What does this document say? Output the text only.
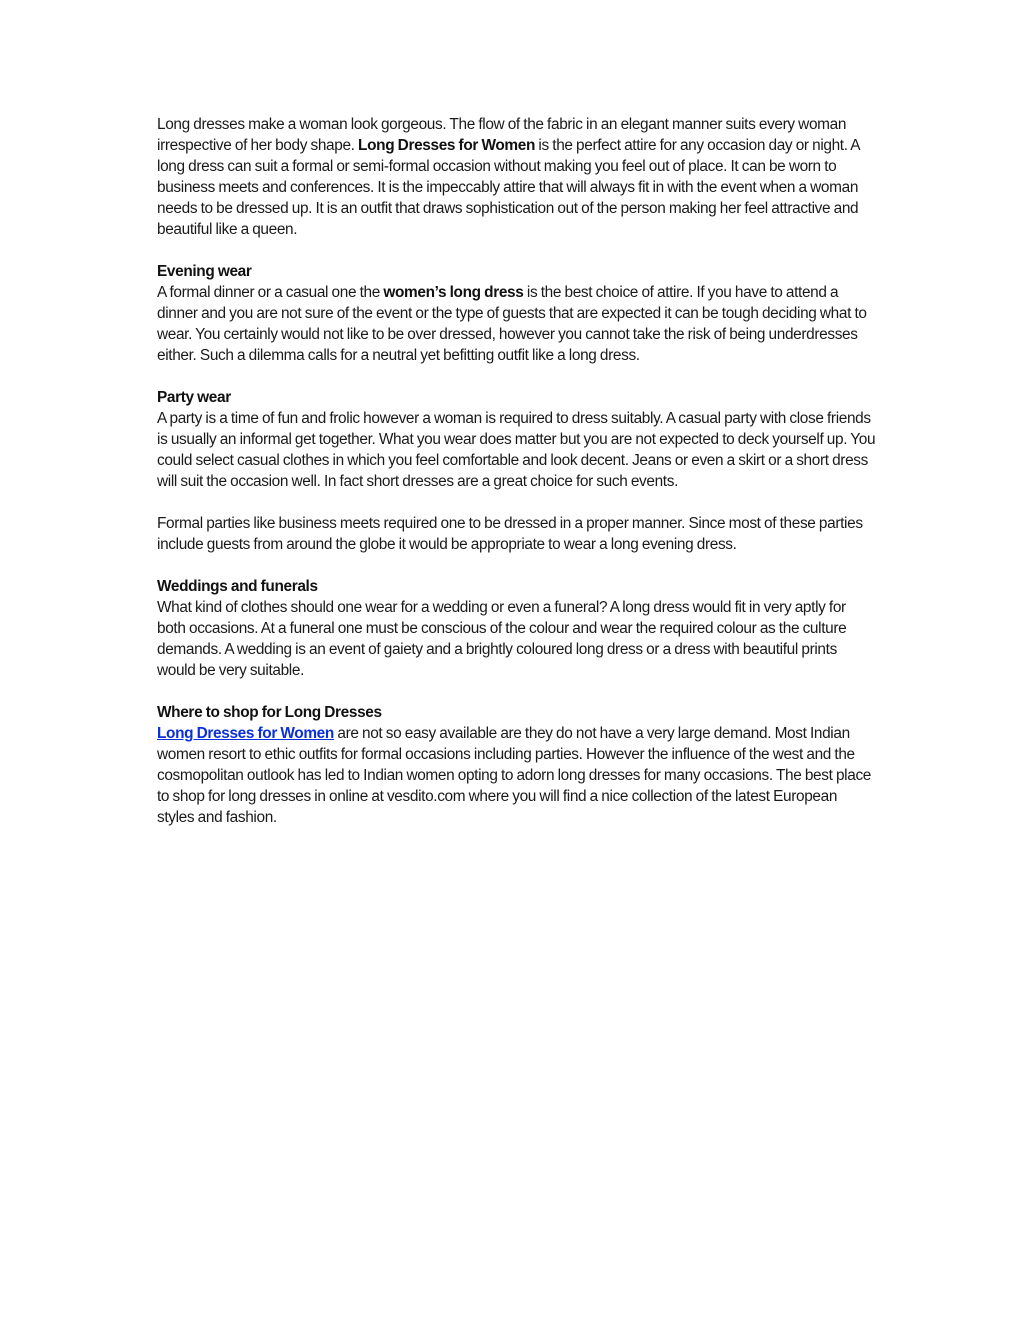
Long dresses make a woman look gorgeous. The flow of the fabric in an elegant manner suits every woman irrespective of her body shape. Long Dresses for Women is the perfect attire for any occasion day or night. A long dress can suit a formal or semi-formal occasion without making you feel out of place. It can be worn to business meets and conferences. It is the impeccably attire that will always fit in with the event when a woman needs to be dressed up. It is an outfit that draws sophistication out of the person making her feel attractive and beautiful like a queen.

Evening wear
A formal dinner or a casual one the women’s long dress is the best choice of attire. If you have to attend a dinner and you are not sure of the event or the type of guests that are expected it can be tough deciding what to wear. You certainly would not like to be over dressed, however you cannot take the risk of being underdresses either. Such a dilemma calls for a neutral yet befitting outfit like a long dress.
Party wear
A party is a time of fun and frolic however a woman is required to dress suitably. A casual party with close friends is usually an informal get together. What you wear does matter but you are not expected to deck yourself up. You could select casual clothes in which you feel comfortable and look decent. Jeans or even a skirt or a short dress will suit the occasion well. In fact short dresses are a great choice for such events.

Formal parties like business meets required one to be dressed in a proper manner. Since most of these parties include guests from around the globe it would be appropriate to wear a long evening dress.

Weddings and funerals
What kind of clothes should one wear for a wedding or even a funeral? A long dress would fit in very aptly for both occasions. At a funeral one must be conscious of the colour and wear the required colour as the culture demands. A wedding is an event of gaiety and a brightly coloured long dress or a dress with beautiful prints would be very suitable.
Where to shop for Long Dresses
Long Dresses for Women are not so easy available are they do not have a very large demand. Most Indian women resort to ethic outfits for formal occasions including parties. However the influence of the west and the cosmopolitan outlook has led to Indian women opting to adorn long dresses for many occasions. The best place to shop for long dresses in online at vesdito.com where you will find a nice collection of the latest European styles and fashion.
